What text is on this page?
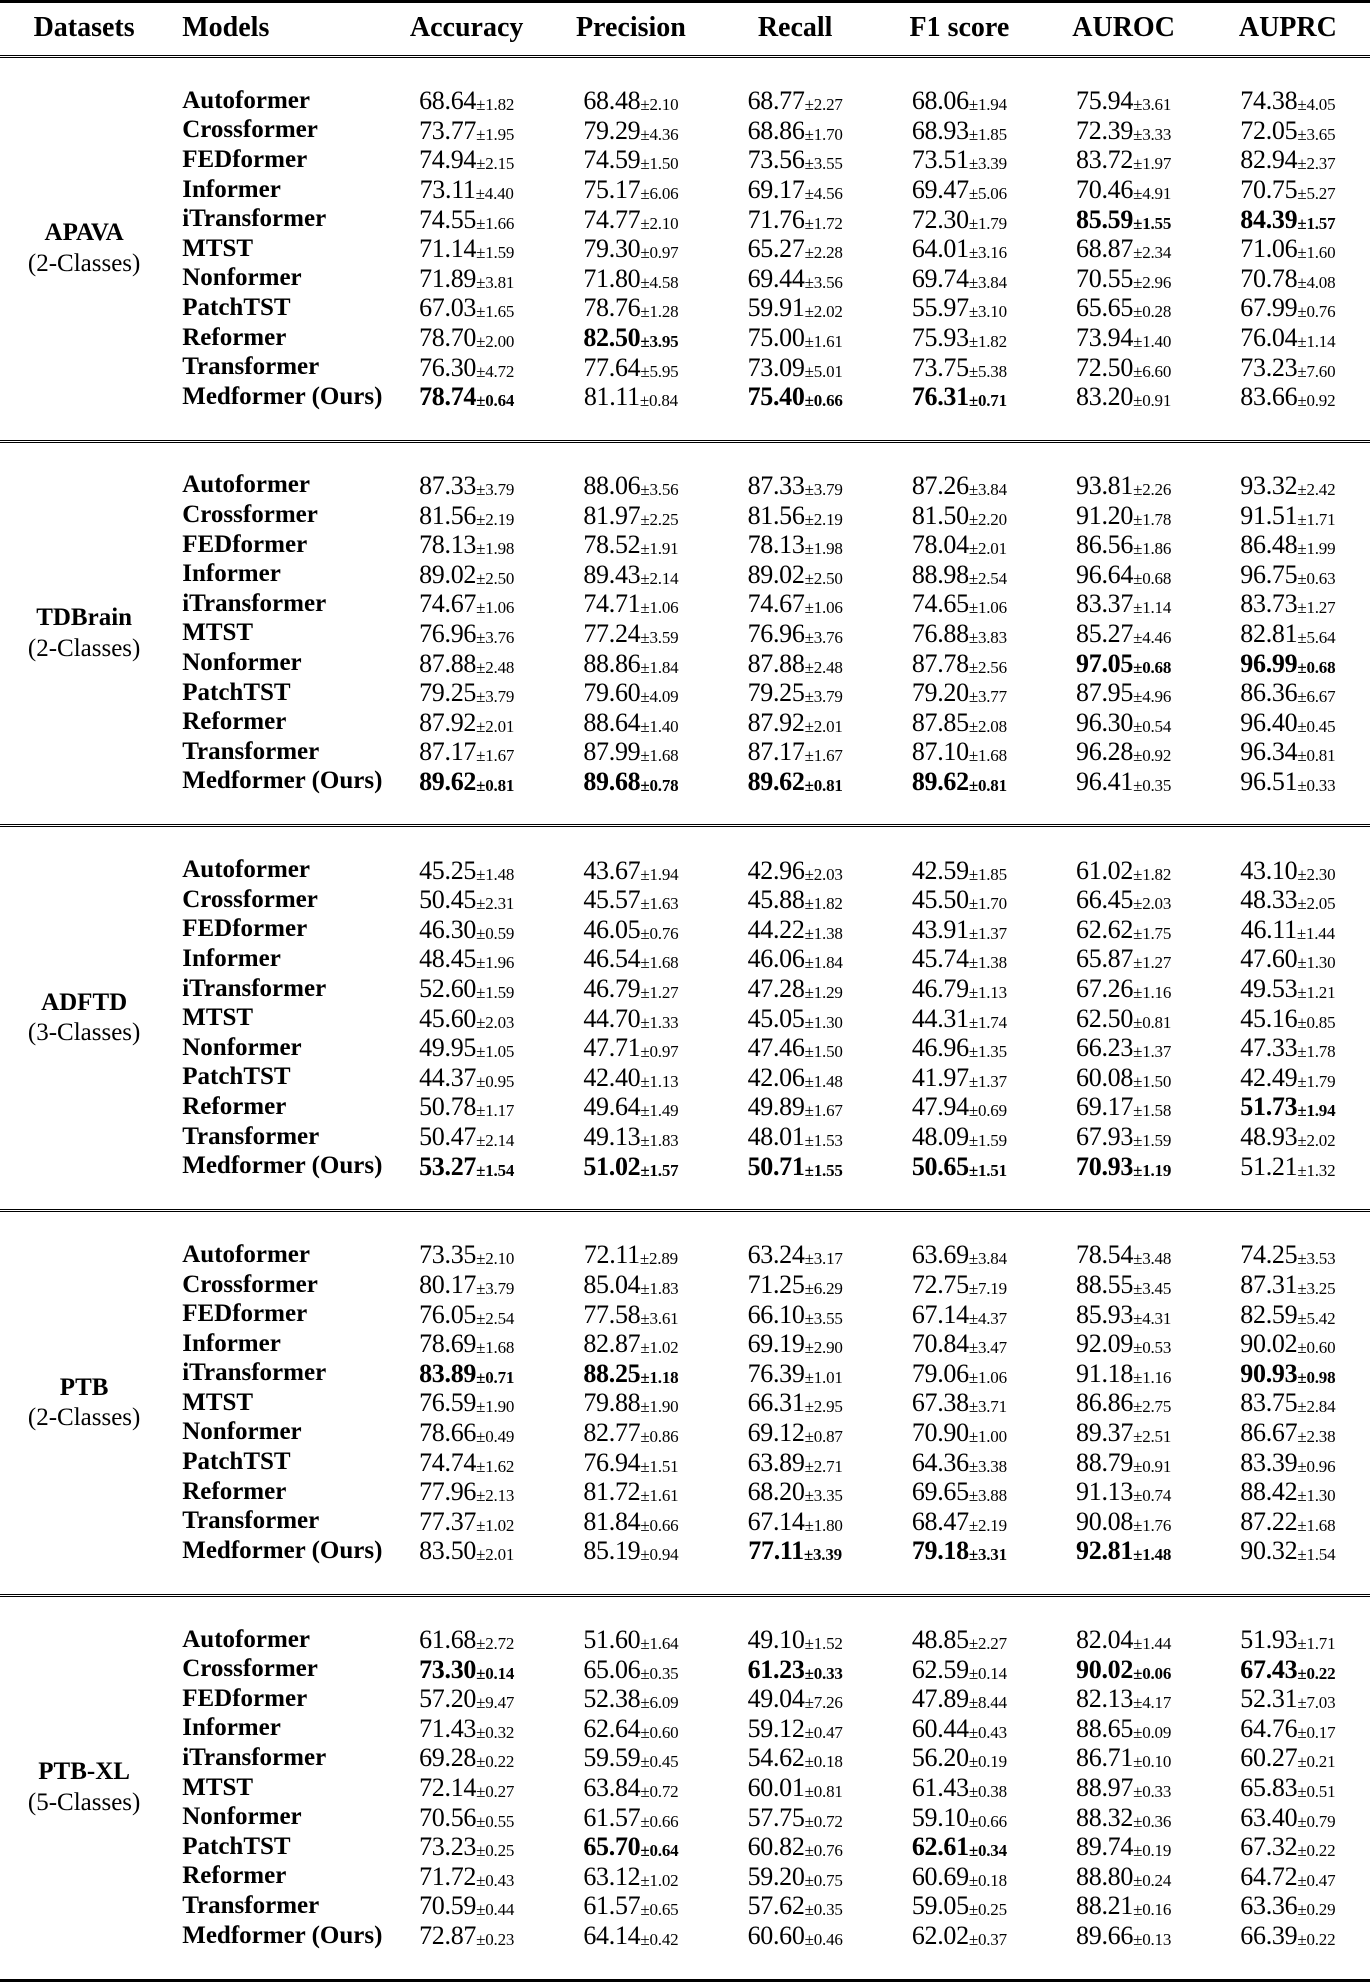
Datasets	Models	Accuracy	Precision	Recall	F1 score	AUROC	AUPRC

APAVA
(2-Classes)	Autoformer	68.64±1.82	68.48±2.10	68.77±2.27	68.06±1.94	75.94±3.61	74.38±4.05
	Crossformer	73.77±1.95	79.29±4.36	68.86±1.70	68.93±1.85	72.39±3.33	72.05±3.65
	FEDformer	74.94±2.15	74.59±1.50	73.56±3.55	73.51±3.39	83.72±1.97	82.94±2.37
	Informer	73.11±4.40	75.17±6.06	69.17±4.56	69.47±5.06	70.46±4.91	70.75±5.27
	iTransformer	74.55±1.66	74.77±2.10	71.76±1.72	72.30±1.79	85.59±1.55	84.39±1.57
	MTST	71.14±1.59	79.30±0.97	65.27±2.28	64.01±3.16	68.87±2.34	71.06±1.60
	Nonformer	71.89±3.81	71.80±4.58	69.44±3.56	69.74±3.84	70.55±2.96	70.78±4.08
	PatchTST	67.03±1.65	78.76±1.28	59.91±2.02	55.97±3.10	65.65±0.28	67.99±0.76
	Reformer	78.70±2.00	82.50±3.95	75.00±1.61	75.93±1.82	73.94±1.40	76.04±1.14
	Transformer	76.30±4.72	77.64±5.95	73.09±5.01	73.75±5.38	72.50±6.60	73.23±7.60
	Medformer (Ours)	78.74±0.64	81.11±0.84	75.40±0.66	76.31±0.71	83.20±0.91	83.66±0.92

TDBrain
(2-Classes)	Autoformer	87.33±3.79	88.06±3.56	87.33±3.79	87.26±3.84	93.81±2.26	93.32±2.42
	Crossformer	81.56±2.19	81.97±2.25	81.56±2.19	81.50±2.20	91.20±1.78	91.51±1.71
	FEDformer	78.13±1.98	78.52±1.91	78.13±1.98	78.04±2.01	86.56±1.86	86.48±1.99
	Informer	89.02±2.50	89.43±2.14	89.02±2.50	88.98±2.54	96.64±0.68	96.75±0.63
	iTransformer	74.67±1.06	74.71±1.06	74.67±1.06	74.65±1.06	83.37±1.14	83.73±1.27
	MTST	76.96±3.76	77.24±3.59	76.96±3.76	76.88±3.83	85.27±4.46	82.81±5.64
	Nonformer	87.88±2.48	88.86±1.84	87.88±2.48	87.78±2.56	97.05±0.68	96.99±0.68
	PatchTST	79.25±3.79	79.60±4.09	79.25±3.79	79.20±3.77	87.95±4.96	86.36±6.67
	Reformer	87.92±2.01	88.64±1.40	87.92±2.01	87.85±2.08	96.30±0.54	96.40±0.45
	Transformer	87.17±1.67	87.99±1.68	87.17±1.67	87.10±1.68	96.28±0.92	96.34±0.81
	Medformer (Ours)	89.62±0.81	89.68±0.78	89.62±0.81	89.62±0.81	96.41±0.35	96.51±0.33

ADFTD
(3-Classes)	Autoformer	45.25±1.48	43.67±1.94	42.96±2.03	42.59±1.85	61.02±1.82	43.10±2.30
	Crossformer	50.45±2.31	45.57±1.63	45.88±1.82	45.50±1.70	66.45±2.03	48.33±2.05
	FEDformer	46.30±0.59	46.05±0.76	44.22±1.38	43.91±1.37	62.62±1.75	46.11±1.44
	Informer	48.45±1.96	46.54±1.68	46.06±1.84	45.74±1.38	65.87±1.27	47.60±1.30
	iTransformer	52.60±1.59	46.79±1.27	47.28±1.29	46.79±1.13	67.26±1.16	49.53±1.21
	MTST	45.60±2.03	44.70±1.33	45.05±1.30	44.31±1.74	62.50±0.81	45.16±0.85
	Nonformer	49.95±1.05	47.71±0.97	47.46±1.50	46.96±1.35	66.23±1.37	47.33±1.78
	PatchTST	44.37±0.95	42.40±1.13	42.06±1.48	41.97±1.37	60.08±1.50	42.49±1.79
	Reformer	50.78±1.17	49.64±1.49	49.89±1.67	47.94±0.69	69.17±1.58	51.73±1.94
	Transformer	50.47±2.14	49.13±1.83	48.01±1.53	48.09±1.59	67.93±1.59	48.93±2.02
	Medformer (Ours)	53.27±1.54	51.02±1.57	50.71±1.55	50.65±1.51	70.93±1.19	51.21±1.32

PTB
(2-Classes)	Autoformer	73.35±2.10	72.11±2.89	63.24±3.17	63.69±3.84	78.54±3.48	74.25±3.53
	Crossformer	80.17±3.79	85.04±1.83	71.25±6.29	72.75±7.19	88.55±3.45	87.31±3.25
	FEDformer	76.05±2.54	77.58±3.61	66.10±3.55	67.14±4.37	85.93±4.31	82.59±5.42
	Informer	78.69±1.68	82.87±1.02	69.19±2.90	70.84±3.47	92.09±0.53	90.02±0.60
	iTransformer	83.89±0.71	88.25±1.18	76.39±1.01	79.06±1.06	91.18±1.16	90.93±0.98
	MTST	76.59±1.90	79.88±1.90	66.31±2.95	67.38±3.71	86.86±2.75	83.75±2.84
	Nonformer	78.66±0.49	82.77±0.86	69.12±0.87	70.90±1.00	89.37±2.51	86.67±2.38
	PatchTST	74.74±1.62	76.94±1.51	63.89±2.71	64.36±3.38	88.79±0.91	83.39±0.96
	Reformer	77.96±2.13	81.72±1.61	68.20±3.35	69.65±3.88	91.13±0.74	88.42±1.30
	Transformer	77.37±1.02	81.84±0.66	67.14±1.80	68.47±2.19	90.08±1.76	87.22±1.68
	Medformer (Ours)	83.50±2.01	85.19±0.94	77.11±3.39	79.18±3.31	92.81±1.48	90.32±1.54

PTB-XL
(5-Classes)	Autoformer	61.68±2.72	51.60±1.64	49.10±1.52	48.85±2.27	82.04±1.44	51.93±1.71
	Crossformer	73.30±0.14	65.06±0.35	61.23±0.33	62.59±0.14	90.02±0.06	67.43±0.22
	FEDformer	57.20±9.47	52.38±6.09	49.04±7.26	47.89±8.44	82.13±4.17	52.31±7.03
	Informer	71.43±0.32	62.64±0.60	59.12±0.47	60.44±0.43	88.65±0.09	64.76±0.17
	iTransformer	69.28±0.22	59.59±0.45	54.62±0.18	56.20±0.19	86.71±0.10	60.27±0.21
	MTST	72.14±0.27	63.84±0.72	60.01±0.81	61.43±0.38	88.97±0.33	65.83±0.51
	Nonformer	70.56±0.55	61.57±0.66	57.75±0.72	59.10±0.66	88.32±0.36	63.40±0.79
	PatchTST	73.23±0.25	65.70±0.64	60.82±0.76	62.61±0.34	89.74±0.19	67.32±0.22
	Reformer	71.72±0.43	63.12±1.02	59.20±0.75	60.69±0.18	88.80±0.24	64.72±0.47
	Transformer	70.59±0.44	61.57±0.65	57.62±0.35	59.05±0.25	88.21±0.16	63.36±0.29
	Medformer (Ours)	72.87±0.23	64.14±0.42	60.60±0.46	62.02±0.37	89.66±0.13	66.39±0.22
